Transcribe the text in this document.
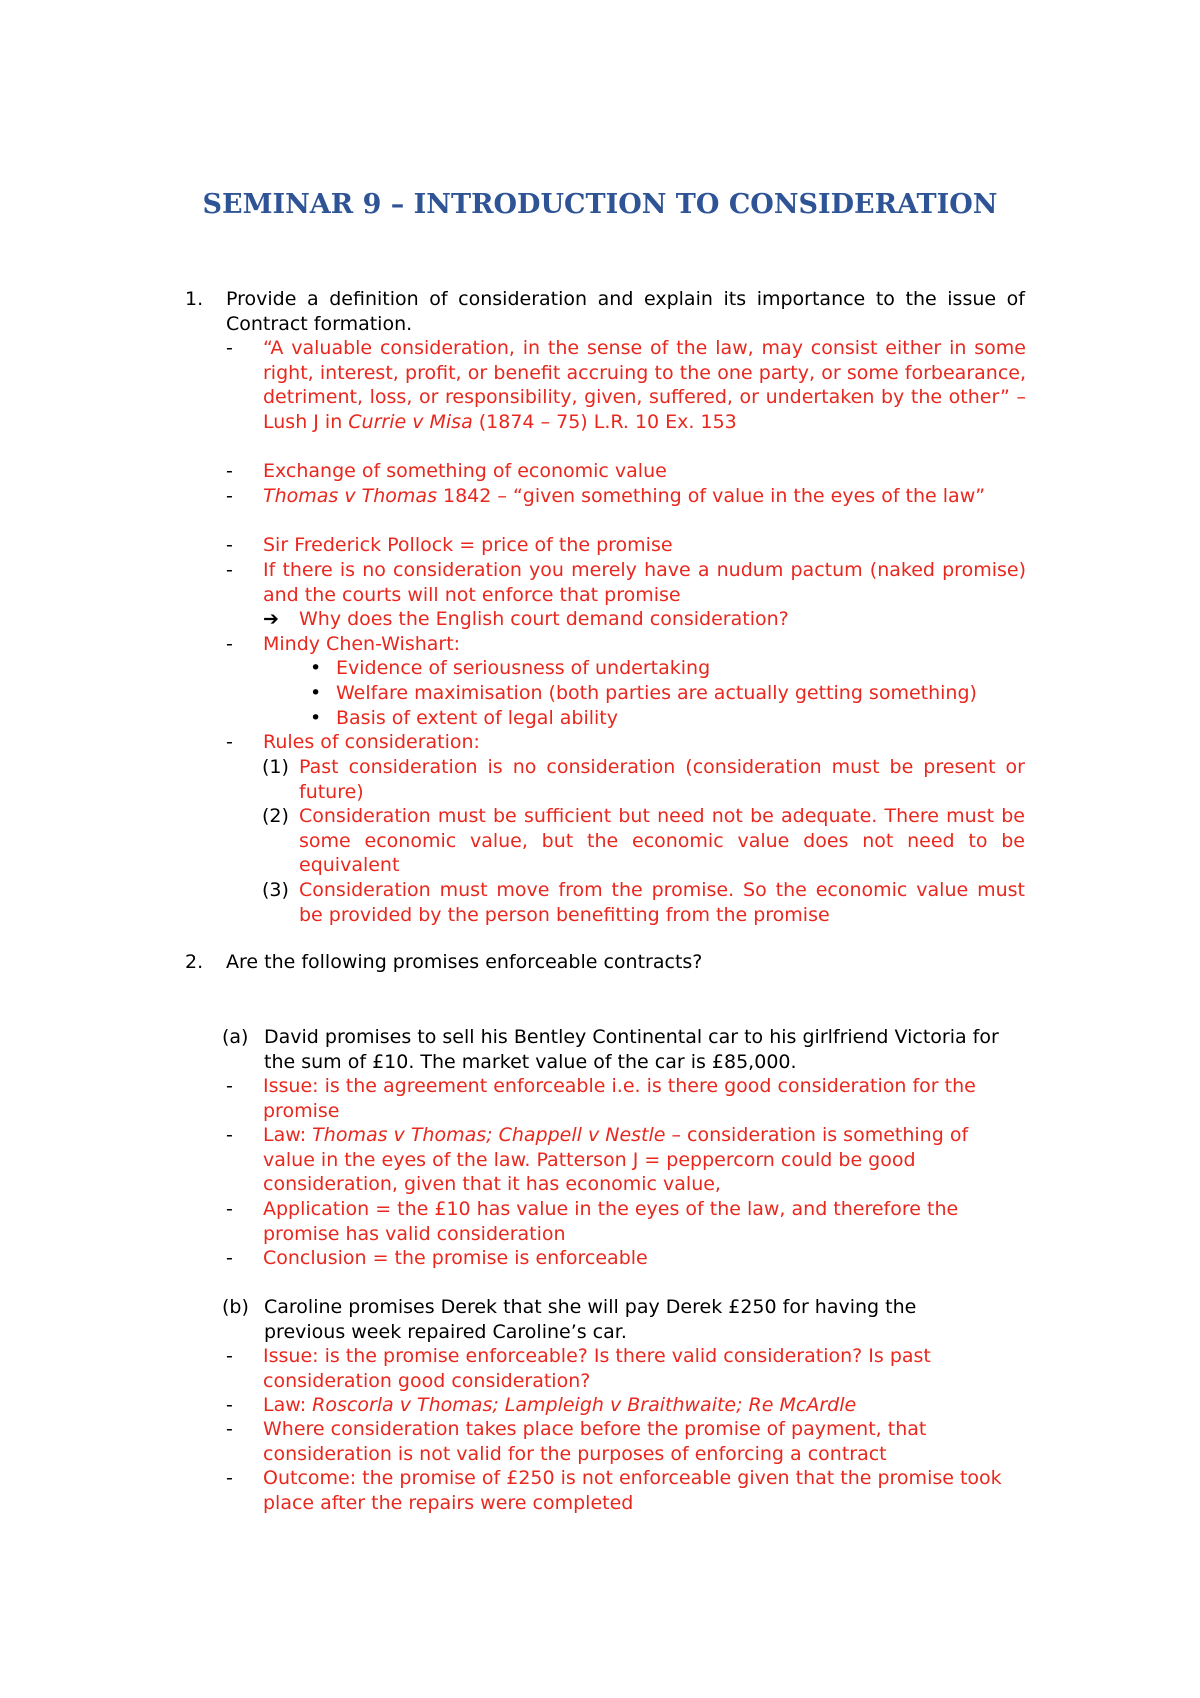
SEMINAR 9 – INTRODUCTION TO CONSIDERATION
1.	Provide a definition of consideration and explain its importance to the issue of Contract formation.
-	“A valuable consideration, in the sense of the law, may consist either in some right, interest, profit, or benefit accruing to the one party, or some forbearance, detriment, loss, or responsibility, given, suffered, or undertaken by the other” – Lush J in Currie v Misa (1874 – 75) L.R. 10 Ex. 153
-	Exchange of something of economic value
-	Thomas v Thomas 1842 – “given something of value in the eyes of the law”
-	Sir Frederick Pollock = price of the promise
-	If there is no consideration you merely have a nudum pactum (naked promise) and the courts will not enforce that promise
➔ Why does the English court demand consideration?
-	Mindy Chen-Wishart:
• Evidence of seriousness of undertaking
• Welfare maximisation (both parties are actually getting something)
• Basis of extent of legal ability
-	Rules of consideration:
(1) Past consideration is no consideration (consideration must be present or future)
(2) Consideration must be sufficient but need not be adequate. There must be some economic value, but the economic value does not need to be equivalent
(3) Consideration must move from the promise. So the economic value must be provided by the person benefitting from the promise
2.	Are the following promises enforceable contracts?
(a) David promises to sell his Bentley Continental car to his girlfriend Victoria for the sum of £10. The market value of the car is £85,000.
-	Issue: is the agreement enforceable i.e. is there good consideration for the promise
-	Law: Thomas v Thomas; Chappell v Nestle – consideration is something of value in the eyes of the law. Patterson J = peppercorn could be good consideration, given that it has economic value,
-	Application = the £10 has value in the eyes of the law, and therefore the promise has valid consideration
-	Conclusion = the promise is enforceable
(b) Caroline promises Derek that she will pay Derek £250 for having the previous week repaired Caroline’s car.
-	Issue: is the promise enforceable? Is there valid consideration? Is past consideration good consideration?
-	Law: Roscorla v Thomas; Lampleigh v Braithwaite; Re McArdle
-	Where consideration takes place before the promise of payment, that consideration is not valid for the purposes of enforcing a contract
-	Outcome: the promise of £250 is not enforceable given that the promise took place after the repairs were completed
